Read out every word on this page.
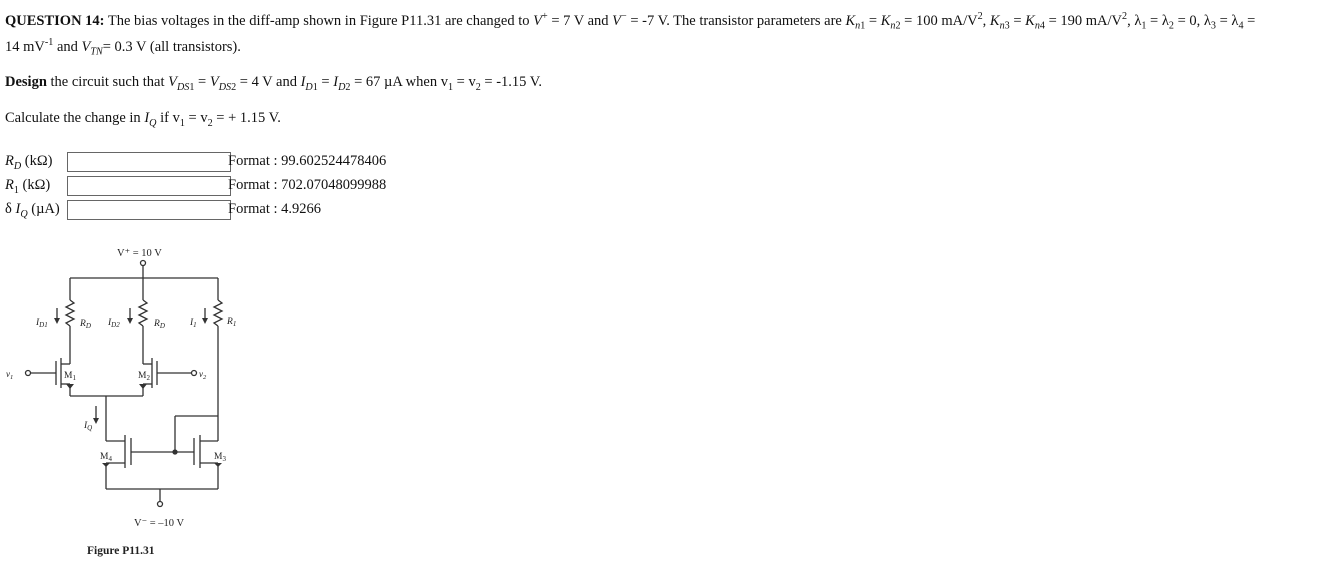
QUESTION 14: The bias voltages in the diff-amp shown in Figure P11.31 are changed to V+ = 7 V and V− = -7 V. The transistor parameters are $K_{n1} = K_{n2} = 100$ $mA/V^2$, $K_{n3} = K_{n4} = 190$ $mA/V^2$, $\lambda_1 = \lambda_2 = 0$, $\lambda_3 = \lambda_4$ =
14 $mV^{-1}$ and $V_{TN}= 0.3$ V (all transistors).
Design the circuit such that $V_{DS1} = V_{DS2} = 4$ V and $I_{D1} = I_{D2} = 67$ µA when $v_1 = v_2 = -1.15$ V.
Calculate the change in $I_Q$ if $v_1 = v_2$ = + 1.15 V.
$R_D$ (kΩ)	Format : 99.602524478406
$R_1$ (kΩ)	Format : 702.07048099988
δ $I_Q$ (µA)	Format : 4.9266
V⁺ = 10 V
V⁻ = –10 V
Figure P11.31
$I_{D1}$	$R_D$ $I_{D2}$	$R_D$	$I_1$	$R_1$
$v_1$	$v_2$
$M_1$	$M_2$
$I_Q$
$M_4$	$M_3$
